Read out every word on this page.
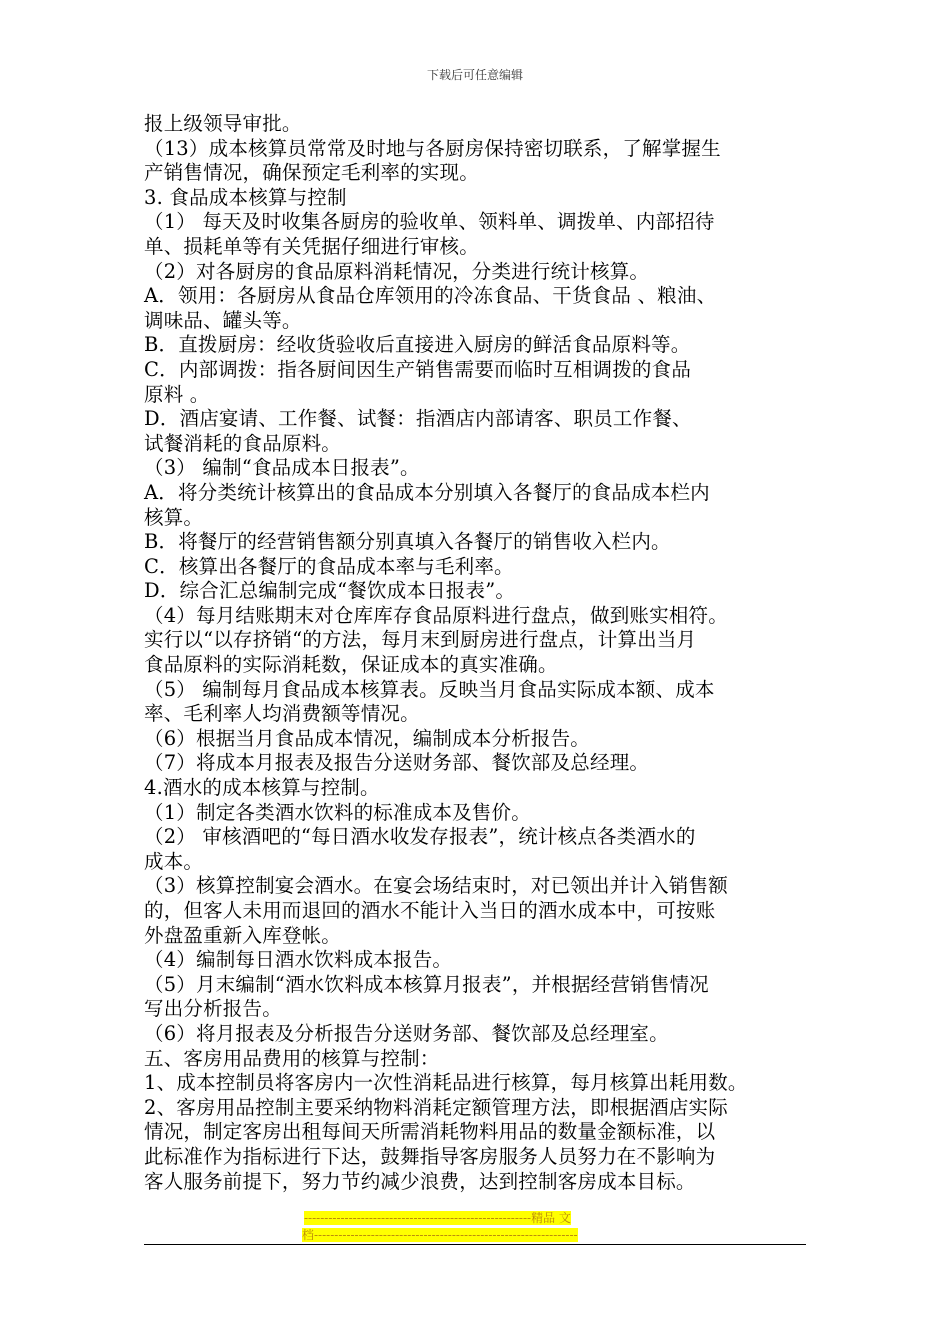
下载后可任意编辑
报上级领导审批。
（13）成本核算员常常及时地与各厨房保持密切联系，了解掌握生
产销售情况，确保预定毛利率的实现。
3. 食品成本核算与控制
（1） 每天及时收集各厨房的验收单、领料单、调拨单、内部招待
单、损耗单等有关凭据仔细进行审核。
（2）对各厨房的食品原料消耗情况，分类进行统计核算。
A．领用：各厨房从食品仓库领用的冷冻食品、干货食品 、粮油、
调味品、罐头等。
B．直拨厨房：经收货验收后直接进入厨房的鲜活食品原料等。
C．内部调拨：指各厨间因生产销售需要而临时互相调拨的食品
原料 。
D．酒店宴请、工作餐、试餐：指酒店内部请客、职员工作餐、
试餐消耗的食品原料。
（3） 编制“食品成本日报表”。
A．将分类统计核算出的食品成本分别填入各餐厅的食品成本栏内
核算。
B．将餐厅的经营销售额分别真填入各餐厅的销售收入栏内。
C．核算出各餐厅的食品成本率与毛利率。
D．综合汇总编制完成“餐饮成本日报表”。
（4）每月结账期末对仓库库存食品原料进行盘点，做到账实相符。
实行以“以存挤销“的方法，每月末到厨房进行盘点，计算出当月
食品原料的实际消耗数，保证成本的真实准确。
（5） 编制每月食品成本核算表。反映当月食品实际成本额、成本
率、毛利率人均消费额等情况。
（6）根据当月食品成本情况，编制成本分析报告。
（7）将成本月报表及报告分送财务部、餐饮部及总经理。
4.酒水的成本核算与控制。
（1）制定各类酒水饮料的标准成本及售价。
（2） 审核酒吧的“每日酒水收发存报表”，统计核点各类酒水的
成本。
（3）核算控制宴会酒水。在宴会场结束时，对已领出并计入销售额
的，但客人未用而退回的酒水不能计入当日的酒水成本中，可按账
外盘盈重新入库登帐。
（4）编制每日酒水饮料成本报告。
（5）月末编制“酒水饮料成本核算月报表”，并根据经营销售情况
写出分析报告。
（6）将月报表及分析报告分送财务部、餐饮部及总经理室。
五、客房用品费用的核算与控制：
1、成本控制员将客房内一次性消耗品进行核算，每月核算出耗用数。
2、客房用品控制主要采纳物料消耗定额管理方法，即根据酒店实际
情况，制定客房出租每间天所需消耗物料用品的数量金额标准，以
此标准作为指标进行下达，鼓舞指导客房服务人员努力在不影响为
客人服务前提下，努力节约减少浪费，达到控制客房成本目标。
--------------------------------------------------------精品 文
档-----------------------------------------------------------------
